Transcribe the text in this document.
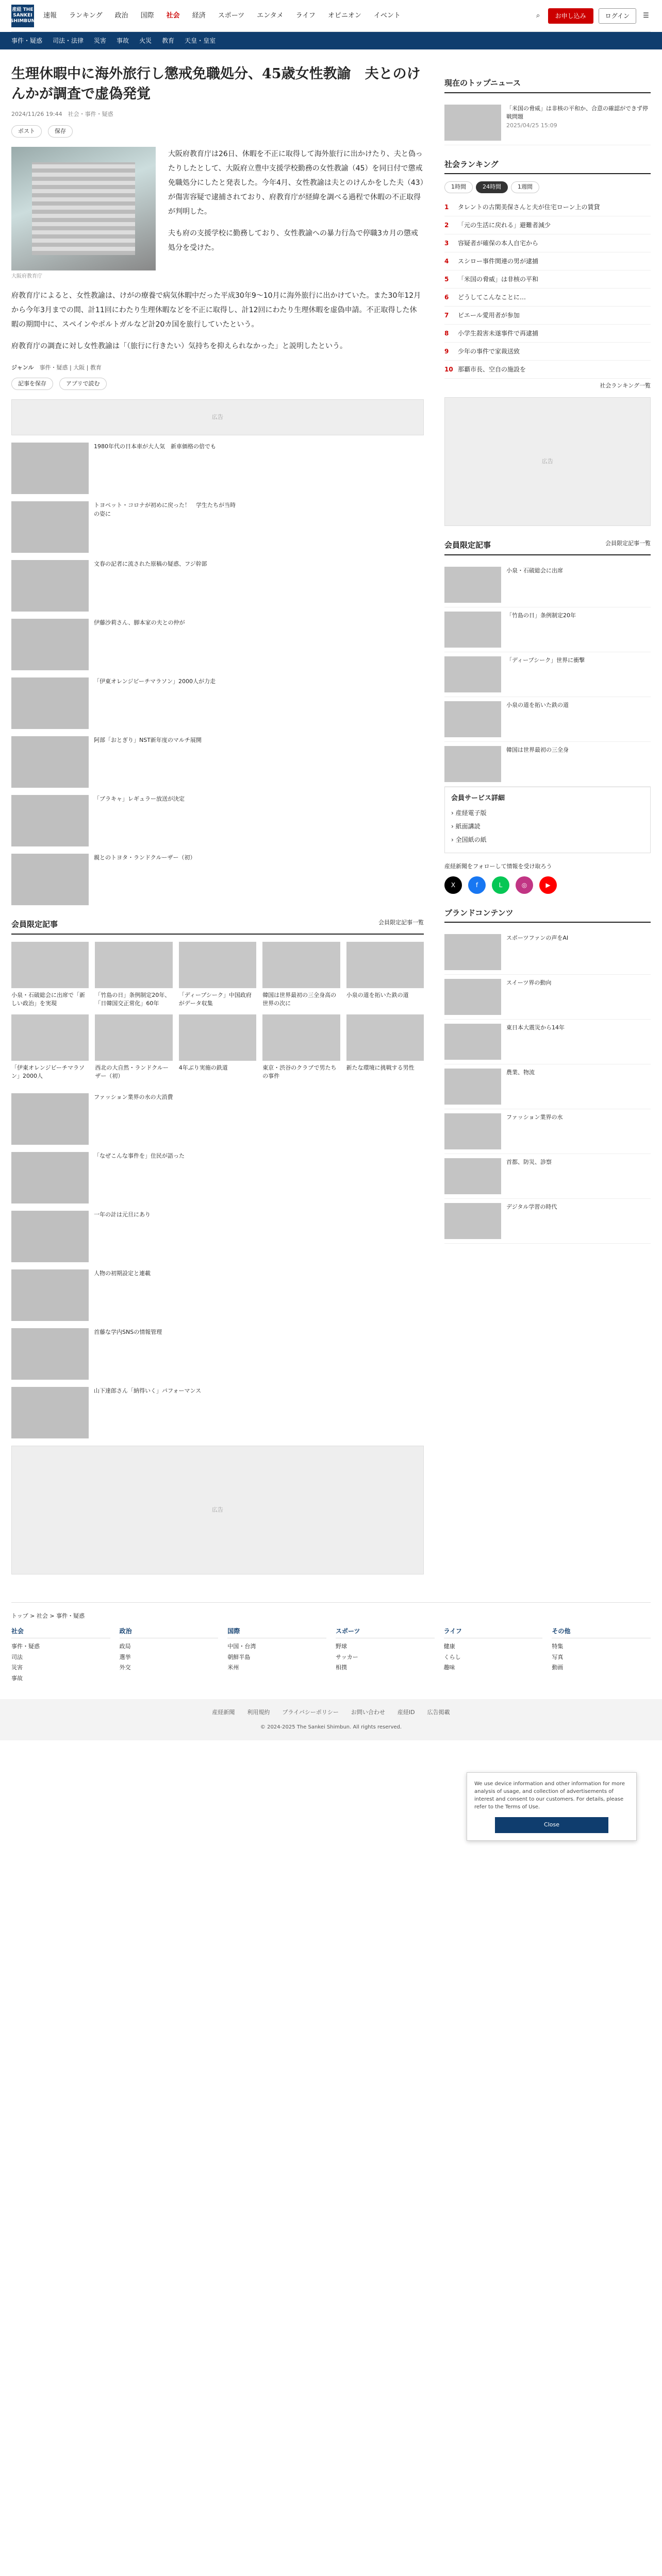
産経 THE SANKEI SHIMBUN
速報 ランキング 政治 国際 社会 経済 スポーツ エンタメ ライフ オピニオン イベント	⌕	お申し込み	ログイン	☰
事件・疑惑 司法・法律 災害 事故 火災 教育 天皇・皇室
生理休暇中に海外旅行し懲戒免職処分、45歳女性教諭　夫とのけんかが調査で虚偽発覚
2024/11/26 19:44　 社会・事件・疑惑
ポスト	保存
大阪府教育庁

大阪府教育庁は26日、休暇を不正に取得して海外旅行に出かけたり、夫と偽ったりしたとして、大阪府立豊中支援学校勤務の女性教諭（45）を同日付で懲戒免職処分にしたと発表した。今年4月、女性教諭は夫とのけんかをした夫（43）が傷害容疑で逮捕されており、府教育庁が経緯を調べる過程で休暇の不正取得が判明した。

夫も府の支援学校に勤務しており、女性教諭への暴力行為で停職3カ月の懲戒処分を受けた。

府教育庁によると、女性教諭は、けがの療養で病気休暇中だった平成30年9〜10月に海外旅行に出かけていた。また30年12月から今年3月までの間、計11回にわたり生理休暇などを不正に取得し、計12回にわたり生理休暇を虚偽申請。不正取得した休暇の期間中に、スペインやポルトガルなど計20カ国を旅行していたという。

府教育庁の調査に対し女性教諭は「（旅行に行きたい）気持ちを抑えられなかった」と説明したという。

ジャンル　 事件・疑惑 | 大阪 | 教育
記事を保存	アプリで読む
広告

1980年代の日本車が大人気　新車価格の倍でも

トヨペット・コロナが初めに戻った！　学生たちが当時の姿に

文春の記者に流された原稿の疑惑、フジ幹部

伊藤沙莉さん、脚本家の夫との仲が

「伊東オレンジビーチマラソン」2000人が力走

阿部「おとぎり」NST新年度のマルチ展開

「ブラキャ」レギュラー放送が決定

親とのトヨタ・ランドクルーザー（初）

会員限定記事	会員限定記事一覧

小泉・石破総会に出席で「新しい政治」を実現

「竹島の日」条例制定20年、「日韓国交正常化」60年

「ディープシーク」中国政府がデータ収集

韓国は世界最初の三全身高の世界の次に

小泉の道を拓いた鉄の道

「伊東オレンジビーチマラソン」2000人

西北の大自然・ランドクルーザー（初）

4年ぶり実施の鉄道	東京・渋谷のクラブで男たちの事件

新たな環境に挑戦する男性

ファッション業界の水の大消費

「なぜこんな事件を」住民が語った

一年の計は元旦にあり

人物の初期設定と連載

首藤な学内SNSの情報管理

山下達郎さん「納得いく」パフォーマンス

広告
現在のトップニュース
「米国の脅威」は非核の平和か、合意の確認ができず停戦問題
2025/04/25 15:09
社会ランキング
1時間	24時間	1週間
1	タレントの古閑美保さんと夫が住宅ローン上の賃貸
2	「元の生活に戻れる」避難者減少
3	容疑者が確保の本人自宅から
4	スシロー事件関連の男が逮捕
5	「米国の脅威」は非核の平和
6	どうしてこんなことに…
7	ビエール愛用者が参加
8	小学生殺害未遂事件で再逮捕
9	少年の事件で家裁送致
10 那覇市長、空自の施設を
社会ランキング一覧
広告
会員限定記事	会員限定記事一覧
小泉・石破総会に出席
「竹島の日」条例制定20年
「ディープシーク」世界に衝撃
小泉の道を拓いた鉄の道
韓国は世界最初の三全身
会員サービス詳細
› 産経電子版
› 紙面講読
› 全国紙の紙
産経新聞をフォローして情報を受け取ろう
X	f	L	◎	▶
ブランドコンテンツ
スポーツファンの声をAI
スイーツ界の動向
東日本大震災から14年
農業、物流
ファッション業界の水
首都、防災、診察
デジタル学習の時代
We use device information and other information for more analysis of usage, and collection of advertisements of interest and consent to our customers. For details, please refer to the Terms of Use.
Close
トップ > 社会 > 事件・疑惑
社会
事件・疑惑
司法
災害
事故
政治
政局
選挙
外交
国際
中国・台湾
朝鮮半島
米州
スポーツ
野球
サッカー
相撲
ライフ
健康
くらし
趣味
その他
特集
写真
動画
産経新聞 利用規約 プライバシーポリシー お問い合わせ 産経ID 広告掲載
© 2024-2025 The Sankei Shimbun. All rights reserved.
